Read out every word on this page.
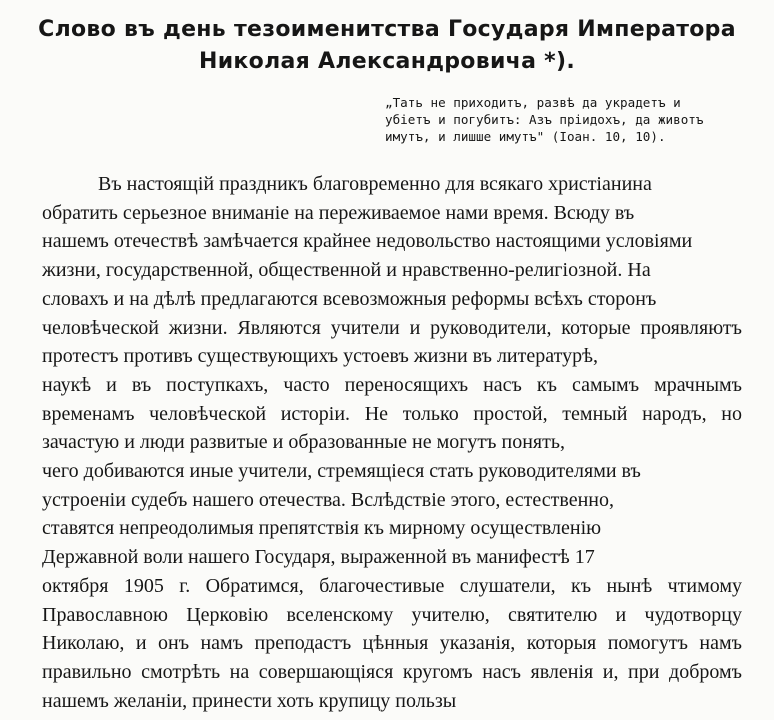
Слово въ день тезоименитства Государя Императора
Николая Александровича *).
„Тать не приходитъ, развѣ да украдетъ и
убіетъ и погубитъ: Азъ пріидохъ, да животъ
имутъ, и лишше имутъ" (Іоан. 10, 10).
Въ настоящій праздникъ благовременно для всякаго христіанина
обратить серьезное вниманіе на переживаемое нами время. Всюду въ
нашемъ отечествѣ замѣчается крайнее недовольство настоящими условіями
жизни, государственной, общественной и нравственно-религіозной. На
словахъ и на дѣлѣ предлагаются всевозможныя реформы всѣхъ сторонъ
человѣческой жизни. Являются учители и руководители, которые проявляютъ протестъ противъ существующихъ устоевъ жизни въ литературѣ,
наукѣ и въ поступкахъ, часто переносящихъ насъ къ самымъ мрачнымъ временамъ человѣческой исторіи. Не только простой, темный народъ, но зачастую и люди развитые и образованные не могутъ понять,
чего добиваются иные учители, стремящіеся стать руководителями въ
устроеніи судебъ нашего отечества. Вслѣдствіе этого, естественно,
ставятся непреодолимыя препятствія къ мирному осуществленію
Державной воли нашего Государя, выраженной въ манифестѣ 17
октября 1905 г. Обратимся, благочестивые слушатели, къ нынѣ чтимому Православною Церковію вселенскому учителю, святителю и чудотворцу Николаю, и онъ намъ преподастъ цѣнныя указанія, которыя помогутъ намъ правильно смотрѣть на совершающіяся кругомъ насъ явленія и, при добромъ нашемъ желаніи, принести хоть крупицу пользы
